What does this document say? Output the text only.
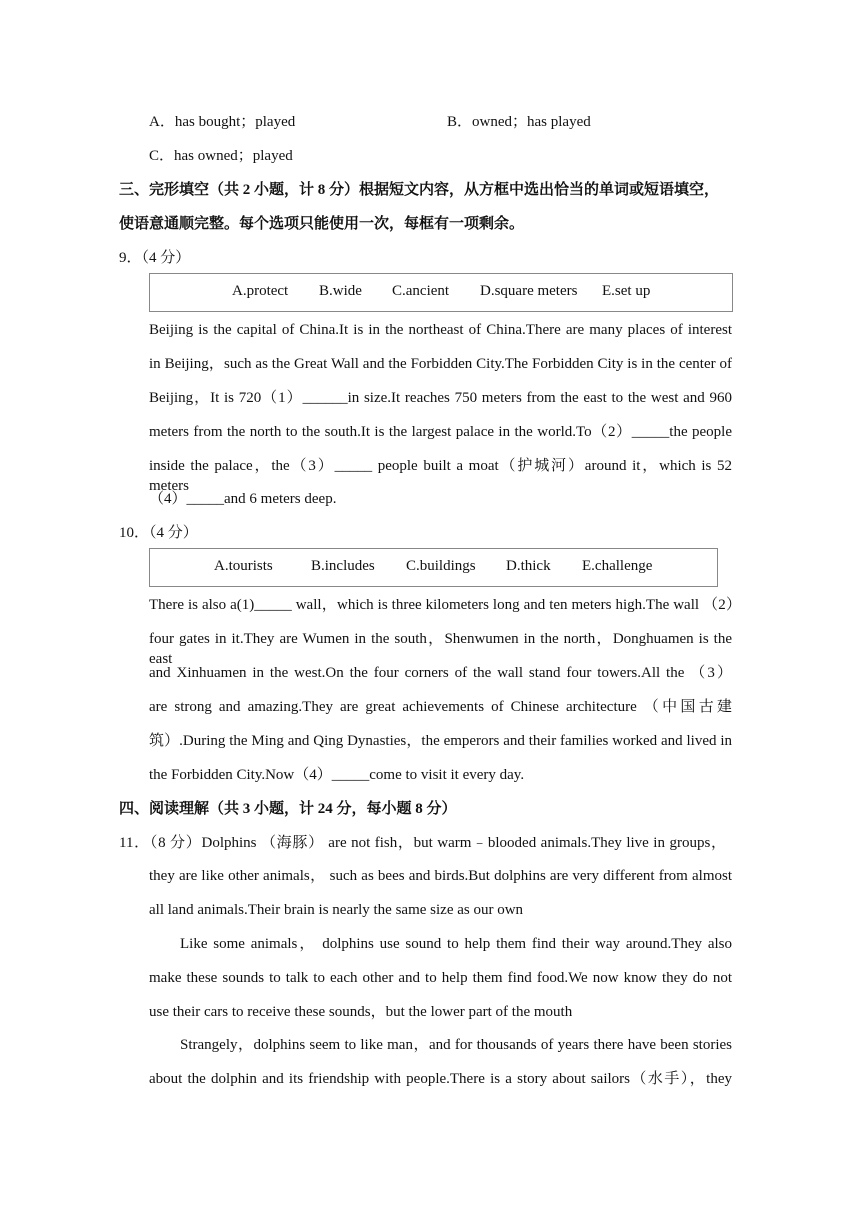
A．has bought；played	B．owned；has played
C．has owned；played
三、完形填空（共 2 小题，计 8 分）根据短文内容，从方框中选出恰当的单词或短语填空，
使语意通顺完整。每个选项只能使用一次，每框有一项剩余。
9．（4 分）
A.protect B.wide C.ancient D.square meters E.set up
Beijing is the capital of China.It is in the northeast of China.There are many places of interest
in Beijing，such as the Great Wall and the Forbidden City.The Forbidden City is in the center of
Beijing，It is 720（1）______in size.It reaches 750 meters from the east to the west and 960
meters from the north to the south.It is the largest palace in the world.To（2）_____the people
inside the palace，the（3）_____ people built a moat（护城河）around it，which is 52 meters
（4）_____and 6 meters deep.
10．（4 分）
A.tourists	B.includes C.buildings D.thick E.challenge
There is also a(1)_____ wall，which is three kilometers long and ten meters high.The wall （2）
four gates in it.They are Wumen in the south，Shenwumen in the north，Donghuamen is the east
and Xinhuamen in the west.On the four corners of the wall stand four towers.All the （3）
are strong and amazing.They are great achievements of Chinese architecture （中国古建
筑）.During the Ming and Qing Dynasties，the emperors and their families worked and lived in
the Forbidden City.Now（4）_____come to visit it every day.
四、阅读理解（共 3 小题，计 24 分，每小题 8 分）
11．（8 分）Dolphins （海豚） are not fish，but warm﹣blooded animals.They live in groups，
they are like other animals， such as bees and birds.But dolphins are very different from almost
all land animals.Their brain is nearly the same size as our own
Like some animals， dolphins use sound to help them find their way around.They also
make these sounds to talk to each other and to help them find food.We now know they do not
use their cars to receive these sounds，but the lower part of the mouth
Strangely，dolphins seem to like man，and for thousands of years there have been stories
about the dolphin and its friendship with people.There is a story about sailors（水手），they
